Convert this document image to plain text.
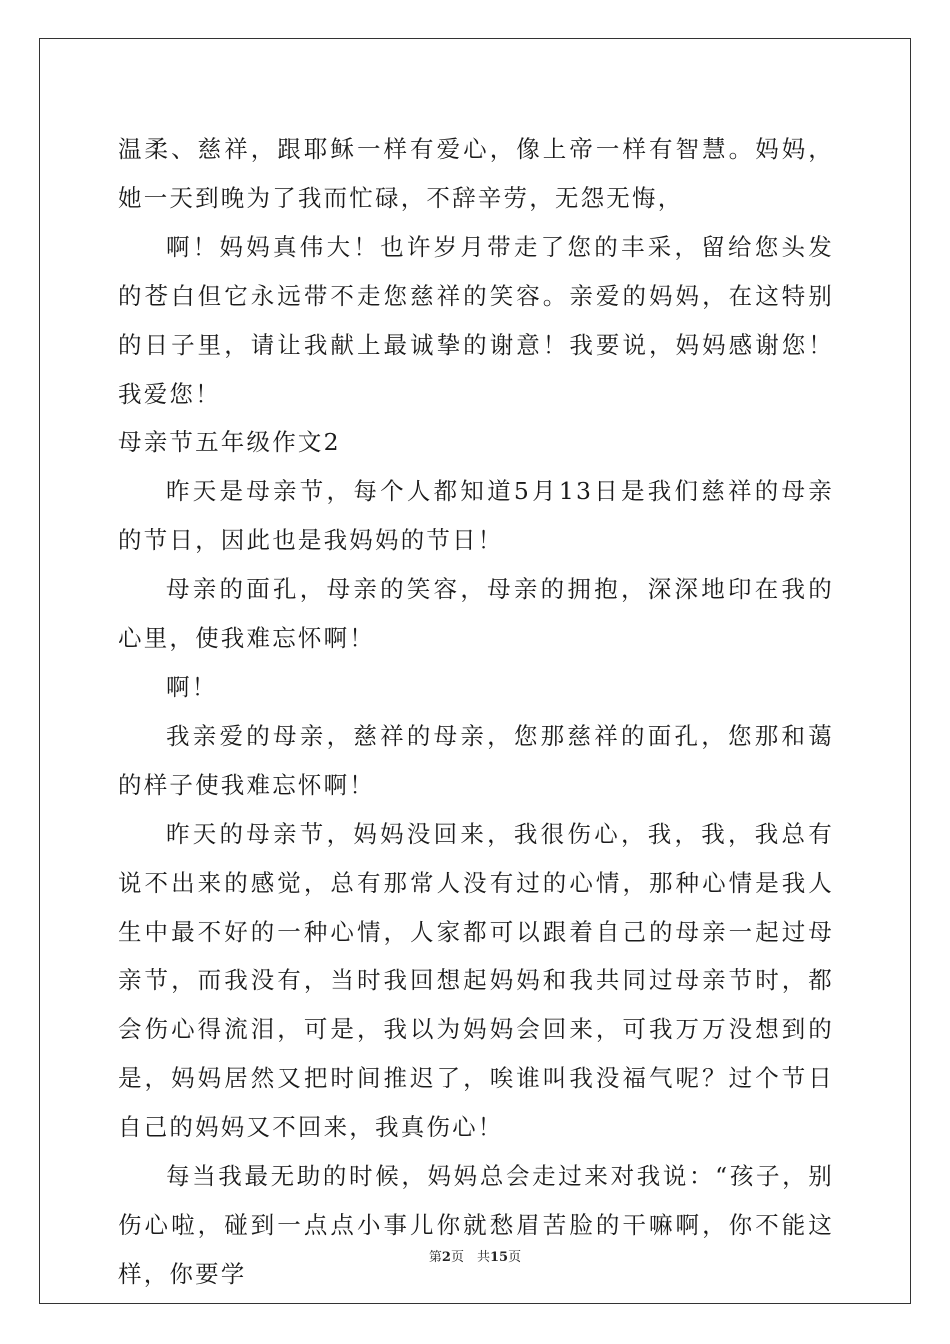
温柔、慈祥，跟耶稣一样有爱心，像上帝一样有智慧。妈妈，她一天到晚为了我而忙碌，不辞辛劳，无怨无悔，

啊！妈妈真伟大！也许岁月带走了您的丰采，留给您头发的苍白但它永远带不走您慈祥的笑容。亲爱的妈妈，在这特别的日子里，请让我献上最诚挚的谢意！我要说，妈妈感谢您！我爱您！

母亲节五年级作文2

昨天是母亲节，每个人都知道5月13日是我们慈祥的母亲的节日，因此也是我妈妈的节日！

母亲的面孔，母亲的笑容，母亲的拥抱，深深地印在我的心里，使我难忘怀啊！

啊！

我亲爱的母亲，慈祥的母亲，您那慈祥的面孔，您那和蔼的样子使我难忘怀啊！

昨天的母亲节，妈妈没回来，我很伤心，我，我，我总有说不出来的感觉，总有那常人没有过的心情，那种心情是我人生中最不好的一种心情，人家都可以跟着自己的母亲一起过母亲节，而我没有，当时我回想起妈妈和我共同过母亲节时，都会伤心得流泪，可是，我以为妈妈会回来，可我万万没想到的是，妈妈居然又把时间推迟了，唉谁叫我没福气呢？过个节日自己的妈妈又不回来，我真伤心！

每当我最无助的时候，妈妈总会走过来对我说：“孩子，别伤心啦，碰到一点点小事儿你就愁眉苦脸的干嘛啊，你不能这样，你要学

第2页　共15页
